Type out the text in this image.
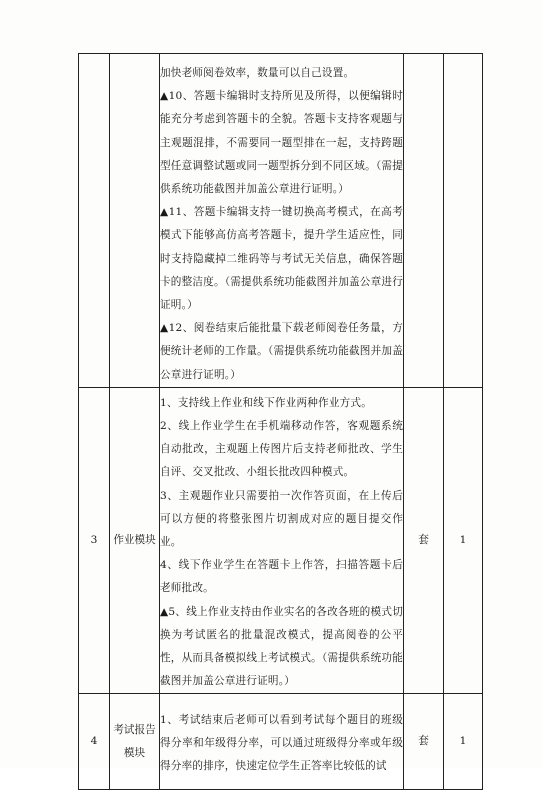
		加快老师阅卷效率，数量可以自己设置。

▲10、答题卡编辑时支持所见及所得，以便编辑时能充分考虑到答题卡的全貌。答题卡支持客观题与主观题混排，不需要同一题型排在一起，支持跨题型任意调整试题或同一题型拆分到不同区域。（需提供系统功能截图并加盖公章进行证明。）

▲11、答题卡编辑支持一键切换高考模式，在高考模式下能够高仿高考答题卡，提升学生适应性，同时支持隐藏掉二维码等与考试无关信息，确保答题卡的整洁度。（需提供系统功能截图并加盖公章进行证明。）

▲12、阅卷结束后能批量下载老师阅卷任务量，方便统计老师的工作量。（需提供系统功能截图并加盖公章进行证明。）		

3	作业模块	1、支持线上作业和线下作业两种作业方式。

2、线上作业学生在手机端移动作答，客观题系统自动批改，主观题上传图片后支持老师批改、学生自评、交叉批改、小组长批改四种模式。

3、主观题作业只需要拍一次作答页面，在上传后可以方便的将整张图片切割成对应的题目提交作业。

4、线下作业学生在答题卡上作答，扫描答题卡后老师批改。

▲5、线上作业支持由作业实名的各改各班的模式切换为考试匿名的批量混改模式，提高阅卷的公平性，从而具备模拟线上考试模式。（需提供系统功能截图并加盖公章进行证明。）	套	1
4	考试报告模块	1、考试结束后老师可以看到考试每个题目的班级得分率和年级得分率，可以通过班级得分率或年级得分率的排序，快速定位学生正答率比较低的试	套	1
